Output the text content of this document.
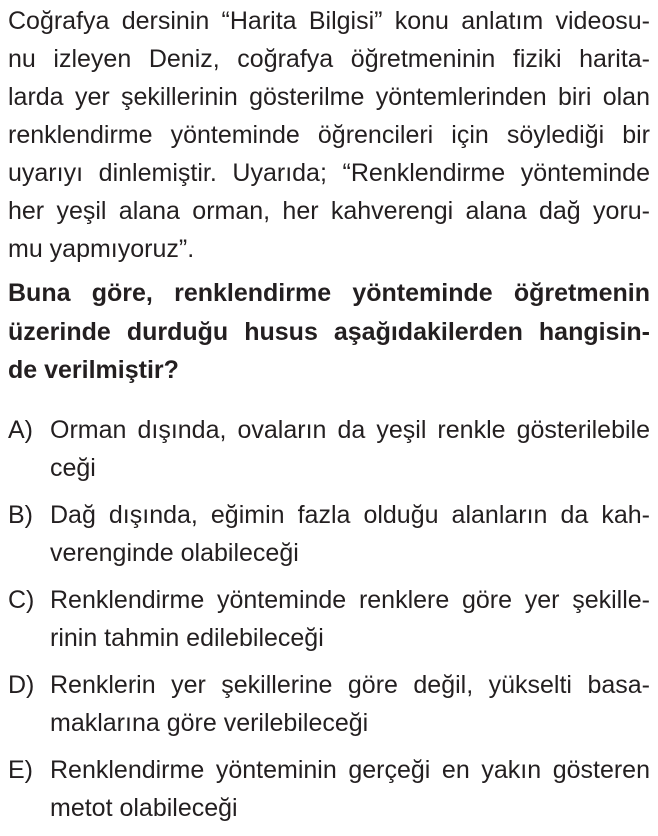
Coğrafya dersinin “Harita Bilgisi” konu anlatım videosu-
nu izleyen Deniz, coğrafya öğretmeninin fiziki harita-
larda yer şekillerinin gösterilme yöntemlerinden biri olan
renklendirme yönteminde öğrencileri için söylediği bir
uyarıyı dinlemiştir. Uyarıda; “Renklendirme yönteminde
her yeşil alana orman, her kahverengi alana dağ yoru-
mu yapmıyoruz”.
Buna göre, renklendirme yönteminde öğretmenin
üzerinde durduğu husus aşağıdakilerden hangisin-
de verilmiştir?
A) Orman dışında, ovaların da yeşil renkle gösterilebile
ceği
B) Dağ dışında, eğimin fazla olduğu alanların da kah-
verenginde olabileceği
C) Renklendirme yönteminde renklere göre yer şekille-
rinin tahmin edilebileceği
D) Renklerin yer şekillerine göre değil, yükselti basa-
maklarına göre verilebileceği
E) Renklendirme yönteminin gerçeği en yakın gösteren
metot olabileceği
